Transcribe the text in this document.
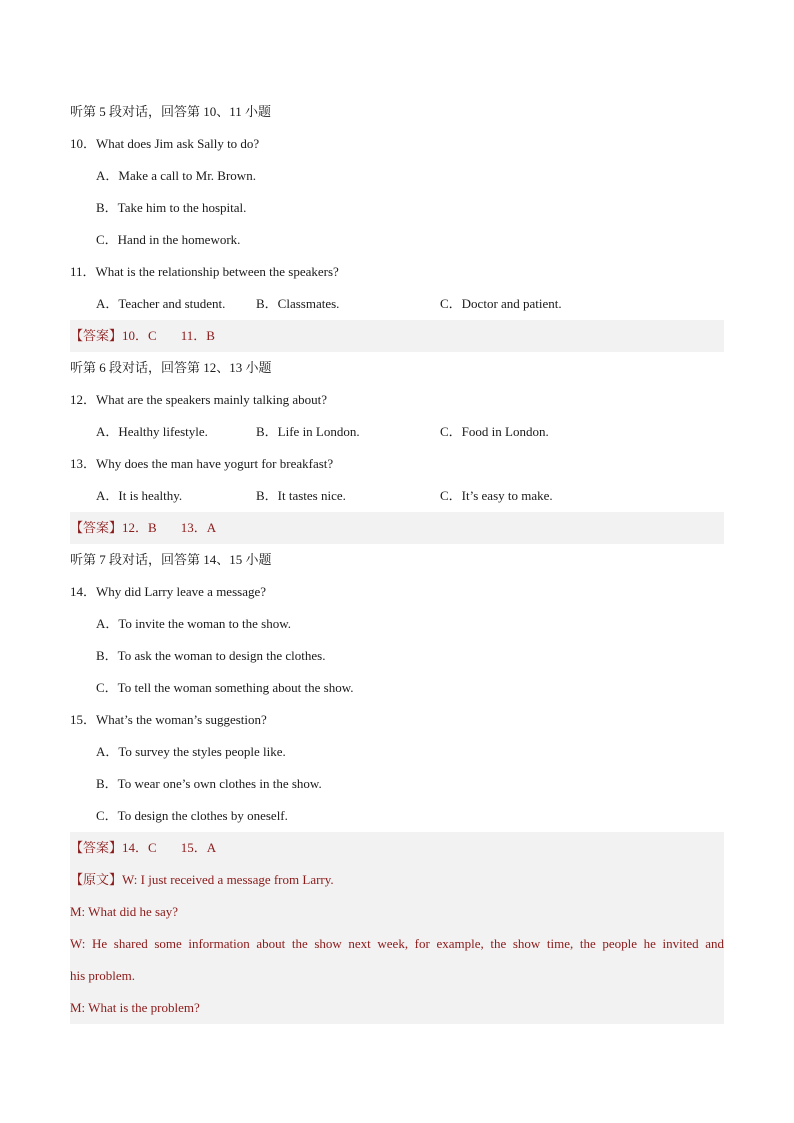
听第 5 段对话，回答第 10、11 小题
10．What does Jim ask Sally to do?
A．Make a call to Mr. Brown.
B．Take him to the hospital.
C．Hand in the homework.
11．What is the relationship between the speakers?
A．Teacher and student. B．Classmates.	C．Doctor and patient.
【答案】10．C 11．B
听第 6 段对话，回答第 12、13 小题
12．What are the speakers mainly talking about?
A．Healthy lifestyle.	B．Life in London.	C．Food in London.
13．Why does the man have yogurt for breakfast?
A．It is healthy.	B．It tastes nice.	C．It’s easy to make.
【答案】12．B 13．A
听第 7 段对话，回答第 14、15 小题
14．Why did Larry leave a message?
A．To invite the woman to the show.
B．To ask the woman to design the clothes.
C．To tell the woman something about the show.
15．What’s the woman’s suggestion?
A．To survey the styles people like.
B．To wear one’s own clothes in the show.
C．To design the clothes by oneself.
【答案】14．C 15．A
【原文】W: I just received a message from Larry.
M: What did he say?
W: He shared some information about the show next week, for example, the show time, the people he invited and
his problem.
M: What is the problem?
